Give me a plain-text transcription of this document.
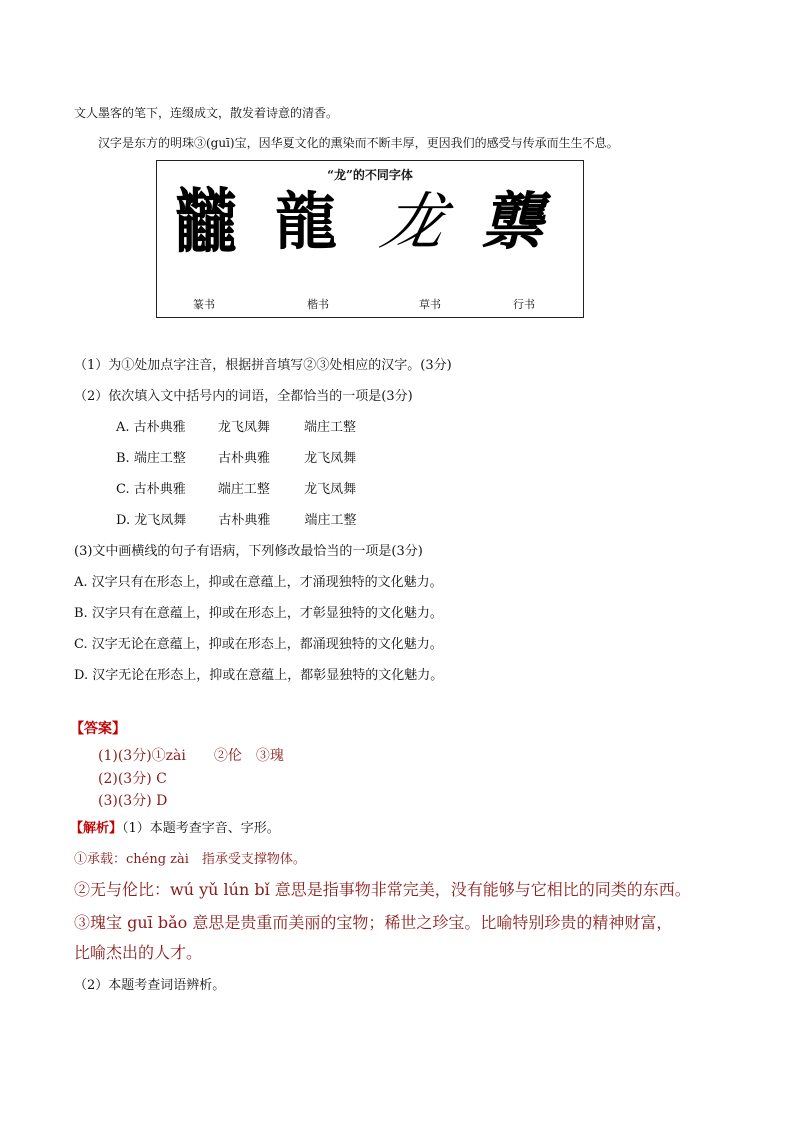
文人墨客的笔下，连缀成文，散发着诗意的清香。
汉字是东方的明珠③(guī)宝，因华夏文化的熏染而不断丰厚，更因我们的感受与传承而生生不息。
“龙”的不同字体
龖 龍 龙 龒
篆书	楷书	草书	行书
（1）为①处加点字注音，根据拼音填写②③处相应的汉字。(3分)
（2）依次填入文中括号内的词语，全都恰当的一项是(3分)
A. 古朴典雅 龙飞凤舞	端庄工整
B. 端庄工整 古朴典雅	龙飞凤舞
C. 古朴典雅 端庄工整	龙飞凤舞
D. 龙飞凤舞 古朴典雅	端庄工整
(3)文中画横线的句子有语病，下列修改最恰当的一项是(3分)
A. 汉字只有在形态上，抑或在意蕴上，才涌现独特的文化魅力。
B. 汉字只有在意蕴上，抑或在形态上，才彰显独特的文化魅力。
C. 汉字无论在意蕴上，抑或在形态上，都涌现独特的文化魅力。
D. 汉字无论在形态上，抑或在意蕴上，都彰显独特的文化魅力。
【答案】
(1)(3分)①zài　　②伦　③瑰
(2)(3分) C
(3)(3分) D
【解析】（1）本题考查字音、字形。
①承载：chéng zài　指承受支撑物体。
②无与伦比：wú yǔ lún bǐ 意思是指事物非常完美，没有能够与它相比的同类的东西。
③瑰宝 guī bǎo 意思是贵重而美丽的宝物；稀世之珍宝。比喻特别珍贵的精神财富，
比喻杰出的人才。
（2）本题考查词语辨析。
